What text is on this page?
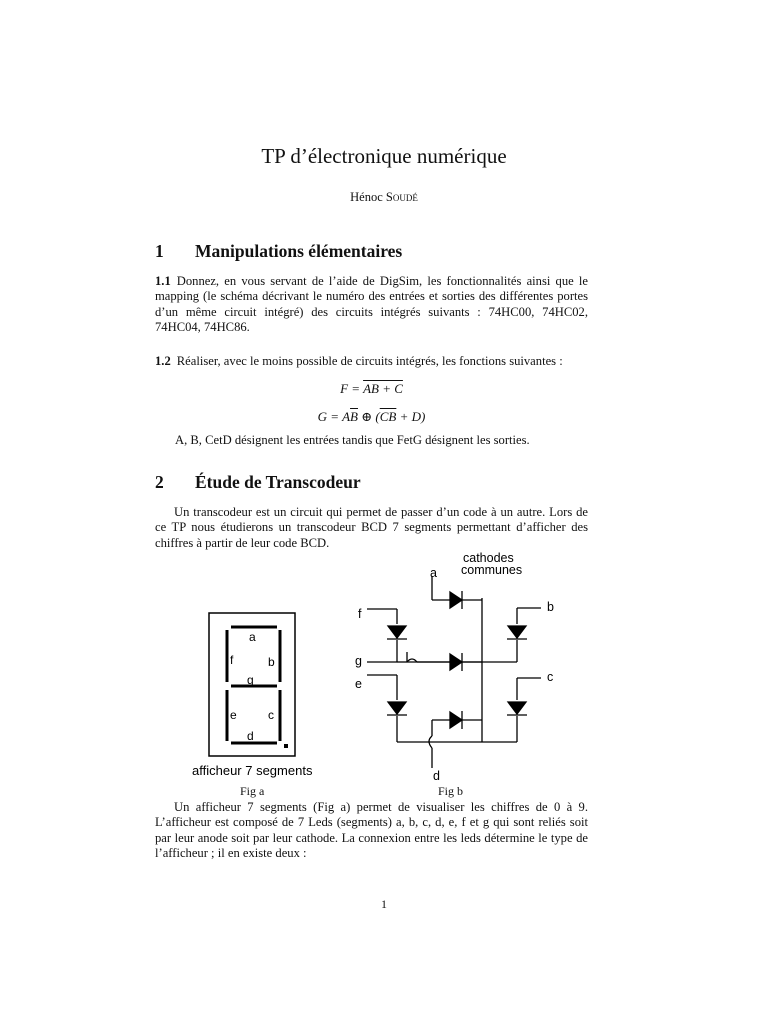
TP d’électronique numérique
Hénoc Soudé
1 Manipulations élémentaires
1.1 Donnez, en vous servant de l’aide de DigSim, les fonctionnalités ainsi que le mapping (le schéma décrivant le numéro des entrées et sorties des différentes portes d’un même circuit intégré) des circuits intégrés suivants : 74HC00, 74HC02, 74HC04, 74HC86.
1.2 Réaliser, avec le moins possible de circuits intégrés, les fonctions suivantes :
F = AB + C
$G = A\overline{B}$ ⊕ $(\overline{CB} + D)$
A, B, CetD désignent les entrées tandis que FetG désignent les sorties.
2 Étude de Transcodeur
Un transcodeur est un circuit qui permet de passer d’un code à un autre. Lors de ce TP nous étudierons un transcodeur BCD 7 segments permettant d’afficher des chiffres à partir de leur code BCD.
a
b
c
d
e
f
g
afficheur 7 segments
Fig a
cathodes
communes
a
b
c
d
e
f
g
Fig b
Un afficheur 7 segments (Fig a) permet de visualiser les chiffres de 0 à 9. L’afficheur est composé de 7 Leds (segments) a, b, c, d, e, f et g qui sont reliés soit par leur anode soit par leur cathode. La connexion entre les leds détermine le type de l’afficheur ; il en existe deux :
1
